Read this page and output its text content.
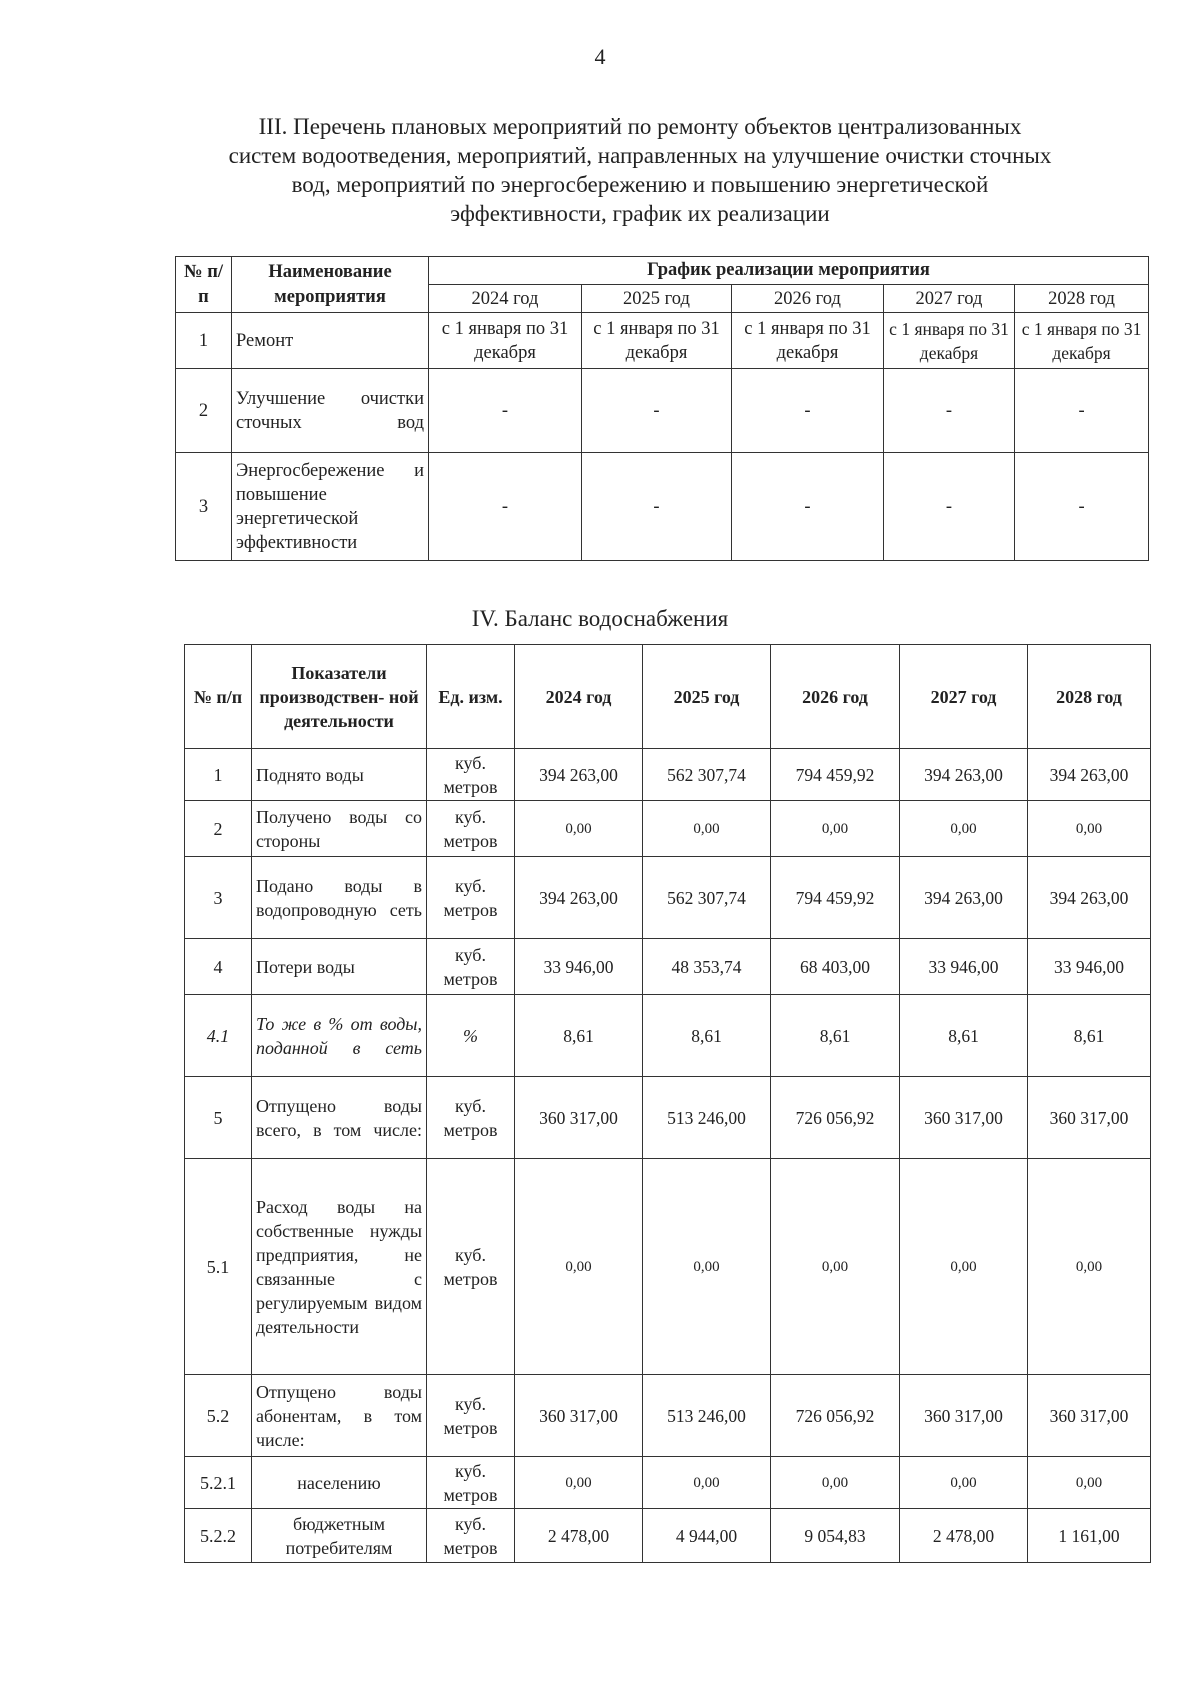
4
III. Перечень плановых мероприятий по ремонту объектов централизованных
систем водоотведения, мероприятий, направленных на улучшение очистки сточных
вод, мероприятий по энергосбережению и повышению энергетической
эффективности, график их реализации
№ п/п	Наименование мероприятия	График реализации мероприятия				
		2024 год	2025 год	2026 год	2027 год	2028 год
1	Ремонт	с 1 января по 31 декабря	с 1 января по 31 декабря	с 1 января по 31 декабря	с 1 января по 31 декабря	с 1 января по 31 декабря
2	Улучшение очистки сточных вод	-	-	-	-	-
3	Энергосбережение и повышение энергетической эффективности	-	-	-	-	-
IV. Баланс водоснабжения
№ п/п	Показатели производствен- ной деятельности	Ед. изм.	2024 год	2025 год	2026 год	2027 год	2028 год
1	Поднято воды	куб. метров	394 263,00	562 307,74	794 459,92	394 263,00	394 263,00
2	Получено воды со стороны	куб. метров	0,00	0,00	0,00	0,00	0,00
3	Подано воды в водопроводную сеть	куб. метров	394 263,00	562 307,74	794 459,92	394 263,00	394 263,00
4	Потери воды	куб. метров	33 946,00	48 353,74	68 403,00	33 946,00	33 946,00
4.1	То же в % от воды, поданной в сеть	%	8,61	8,61	8,61	8,61	8,61
5	Отпущено воды всего, в том числе:	куб. метров	360 317,00	513 246,00	726 056,92	360 317,00	360 317,00
5.1	Расход воды на собственные нужды предприятия, не связанные с регулируемым видом деятельности	куб. метров	0,00	0,00	0,00	0,00	0,00
5.2	Отпущено воды абонентам, в том числе:	куб. метров	360 317,00	513 246,00	726 056,92	360 317,00	360 317,00
5.2.1	населению	куб. метров	0,00	0,00	0,00	0,00	0,00
5.2.2	бюджетным потребителям	куб. метров	2 478,00	4 944,00	9 054,83	2 478,00	1 161,00
